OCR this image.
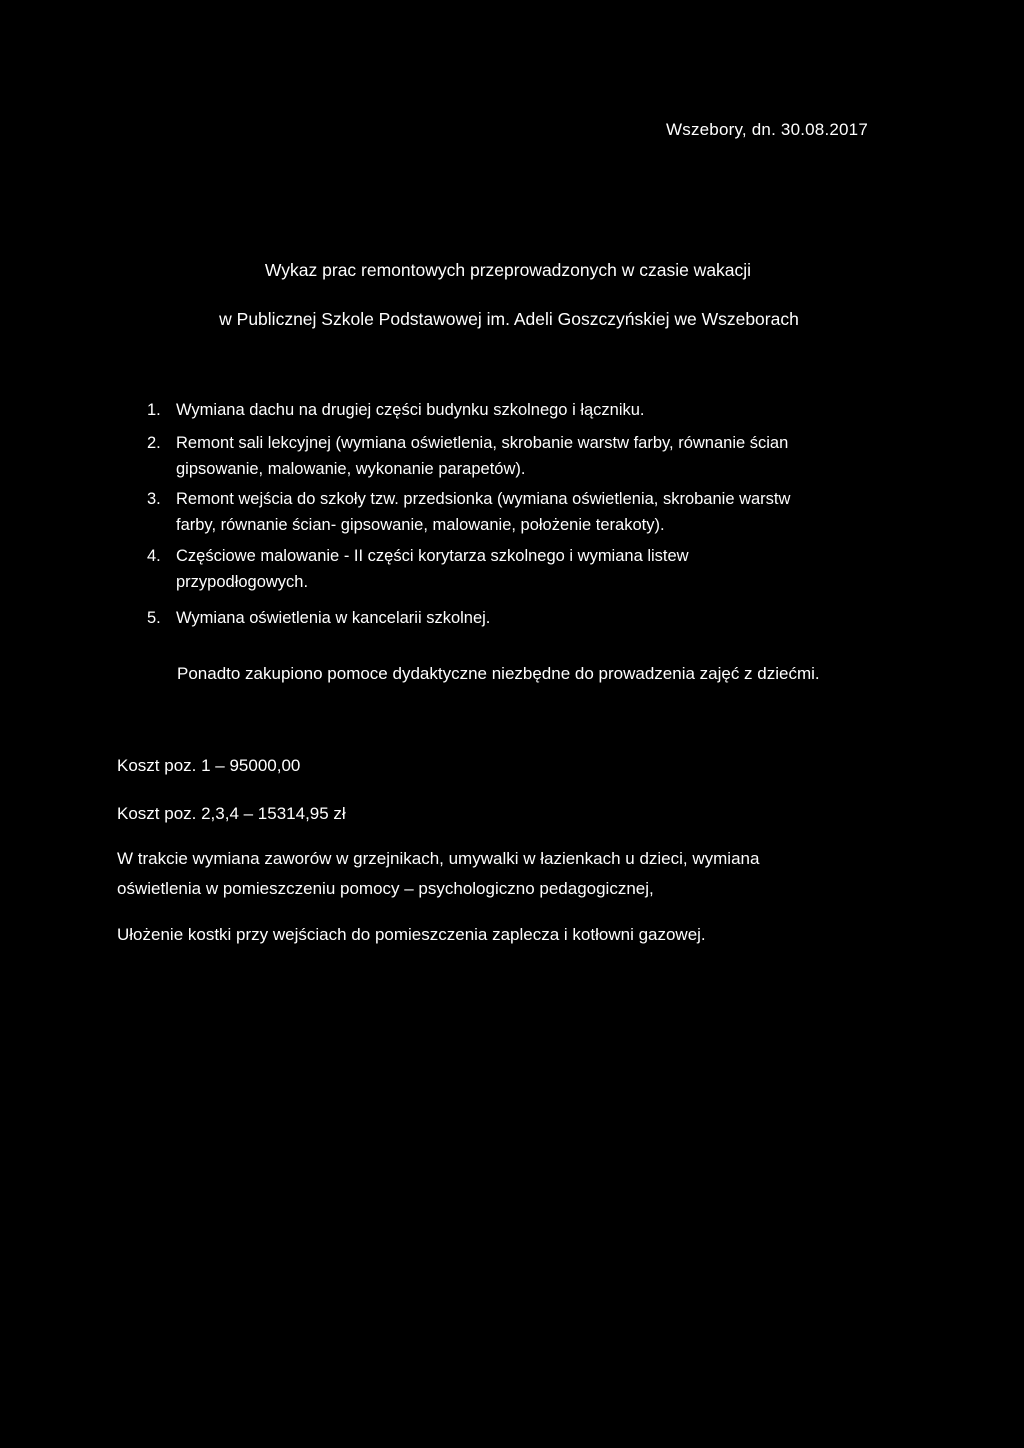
Wszebory, dn. 30.08.2017
Wykaz prac remontowych przeprowadzonych w czasie wakacji
w Publicznej Szkole Podstawowej im. Adeli Goszczyńskiej we Wszeborach
1. Wymiana dachu na drugiej części budynku szkolnego i łączniku.
2. Remont sali lekcyjnej (wymiana oświetlenia, skrobanie warstw farby, równanie ścian
gipsowanie, malowanie, wykonanie parapetów).
3. Remont wejścia do szkoły tzw. przedsionka (wymiana oświetlenia, skrobanie warstw
farby, równanie ścian- gipsowanie, malowanie, położenie terakoty).
4. Częściowe malowanie - II części korytarza szkolnego i wymiana listew
przypodłogowych.
5. Wymiana oświetlenia w kancelarii szkolnej.
Ponadto zakupiono pomoce dydaktyczne niezbędne do prowadzenia zajęć z dziećmi.
Koszt poz. 1 – 95000,00
Koszt poz. 2,3,4 – 15314,95 zł
W trakcie wymiana zaworów w grzejnikach, umywalki w łazienkach u dzieci, wymiana
oświetlenia w pomieszczeniu pomocy – psychologiczno pedagogicznej,
Ułożenie kostki przy wejściach do pomieszczenia zaplecza i kotłowni gazowej.
